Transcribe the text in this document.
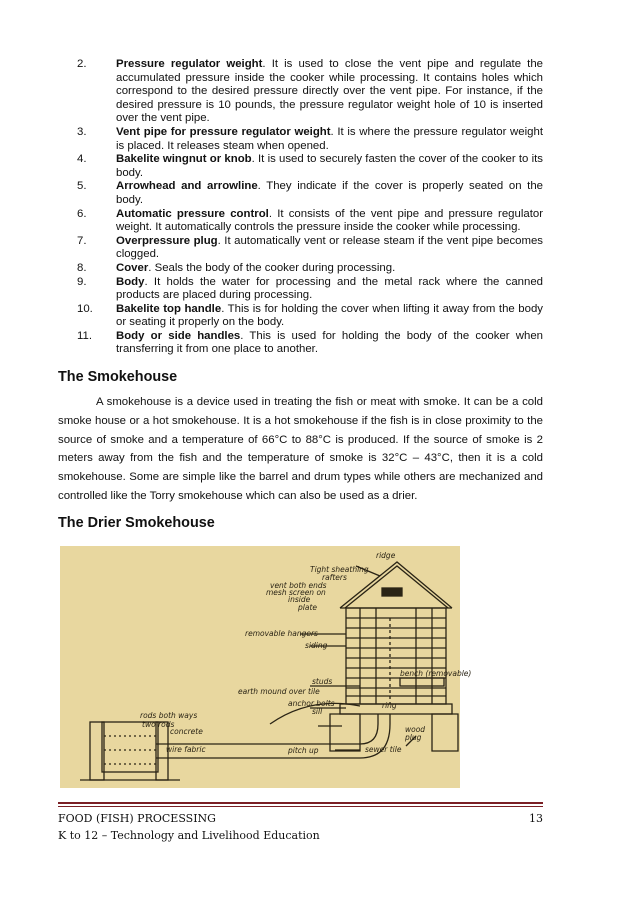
2.	Pressure regulator weight. It is used to close the vent pipe and regulate the accumulated pressure inside the cooker while processing. It contains holes which correspond to the desired pressure directly over the vent pipe. For instance, if the desired pressure is 10 pounds, the pressure regulator weight hole of 10 is inserted over the vent pipe.
3.	Vent pipe for pressure regulator weight. It is where the pressure regulator weight is placed. It releases steam when opened.
4.	Bakelite wingnut or knob. It is used to securely fasten the cover of the cooker to its body.
5.	Arrowhead and arrowline. They indicate if the cover is properly seated on the body.
6.	Automatic pressure control. It consists of the vent pipe and pressure regulator weight. It automatically controls the pressure inside the cooker while processing.
7.	Overpressure plug. It automatically vent or release steam if the vent pipe becomes clogged.
8.	Cover. Seals the body of the cooker during processing.
9.	Body. It holds the water for processing and the metal rack where the canned products are placed during processing.
10.	Bakelite top handle. This is for holding the cover when lifting it away from the body or seating it properly on the body.
11.	Body or side handles. This is used for holding the body of the cooker when transferring it from one place to another.
The Smokehouse

A smokehouse is a device used in treating the fish or meat with smoke. It can be a cold smoke house or a hot smokehouse. It is a hot smokehouse if the fish is in close proximity to the source of smoke and a temperature of 66°C to 88°C is produced. If the source of smoke is 2 meters away from the fish and the temperature of smoke is 32°C – 43°C, then it is a cold smokehouse. Some are simple like the barrel and drum types while others are mechanized and controlled like the Torry smokehouse which can also be used as a drier.

The Drier Smokehouse
ridge
Tight sheathing
rafters
vent both ends
mesh screen on
inside
plate
removable hangers
siding
bench (removable)
studs
earth mound over tile
anchor bolts
sill
rods both ways
two rods
concrete
ring
wood
plug
wire fabric	pitch up	sewer tile
FOOD (FISH) PROCESSING	13
K to 12 – Technology and Livelihood Education
